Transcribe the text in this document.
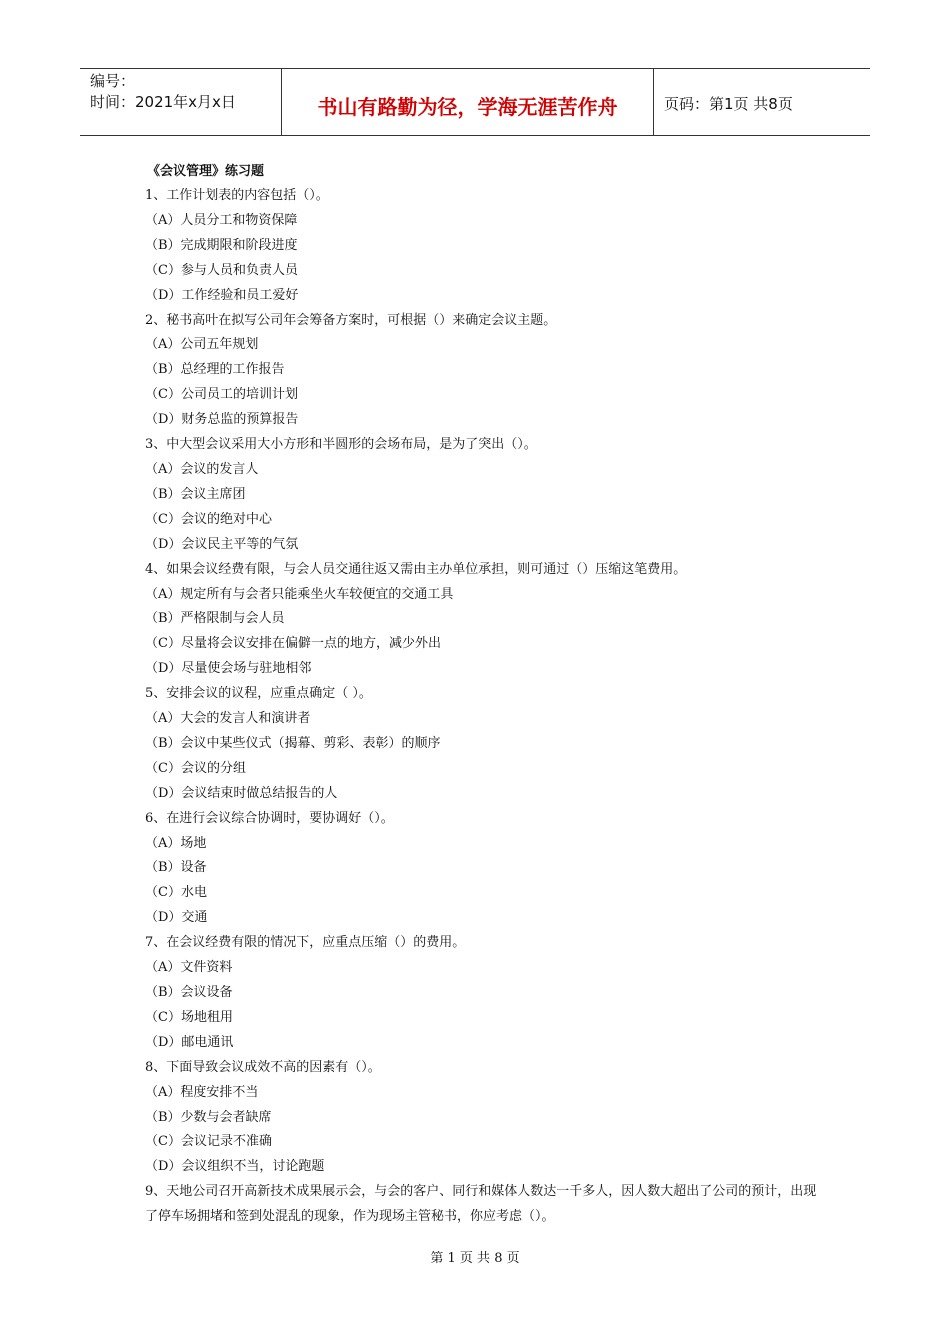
编号：
时间：2021年x月x日	书山有路勤为径，学海无涯苦作舟	页码：第1页 共8页
《会议管理》练习题
1、工作计划表的内容包括（）。
（A）人员分工和物资保障
（B）完成期限和阶段进度
（C）参与人员和负责人员
（D）工作经验和员工爱好
2、秘书高叶在拟写公司年会筹备方案时，可根据（）来确定会议主题。
（A）公司五年规划
（B）总经理的工作报告
（C）公司员工的培训计划
（D）财务总监的预算报告
3、中大型会议采用大小方形和半圆形的会场布局，是为了突出（）。
（A）会议的发言人
（B）会议主席团
（C）会议的绝对中心
（D）会议民主平等的气氛
4、如果会议经费有限，与会人员交通往返又需由主办单位承担，则可通过（）压缩这笔费用。
（A）规定所有与会者只能乘坐火车较便宜的交通工具
（B）严格限制与会人员
（C）尽量将会议安排在偏僻一点的地方，减少外出
（D）尽量使会场与驻地相邻
5、安排会议的议程，应重点确定（ ）。
（A）大会的发言人和演讲者
（B）会议中某些仪式（揭幕、剪彩、表彰）的顺序
（C）会议的分组
（D）会议结束时做总结报告的人
6、在进行会议综合协调时，要协调好（）。
（A）场地
（B）设备
（C）水电
（D）交通
7、在会议经费有限的情况下，应重点压缩（）的费用。
（A）文件资料
（B）会议设备
（C）场地租用
（D）邮电通讯
8、下面导致会议成效不高的因素有（）。
（A）程度安排不当
（B）少数与会者缺席
（C）会议记录不准确
（D）会议组织不当，讨论跑题
9、天地公司召开高新技术成果展示会，与会的客户、同行和媒体人数达一千多人，因人数大超出了公司的预计，出现了停车场拥堵和签到处混乱的现象，作为现场主管秘书，你应考虑（）。
第 1 页 共 8 页
